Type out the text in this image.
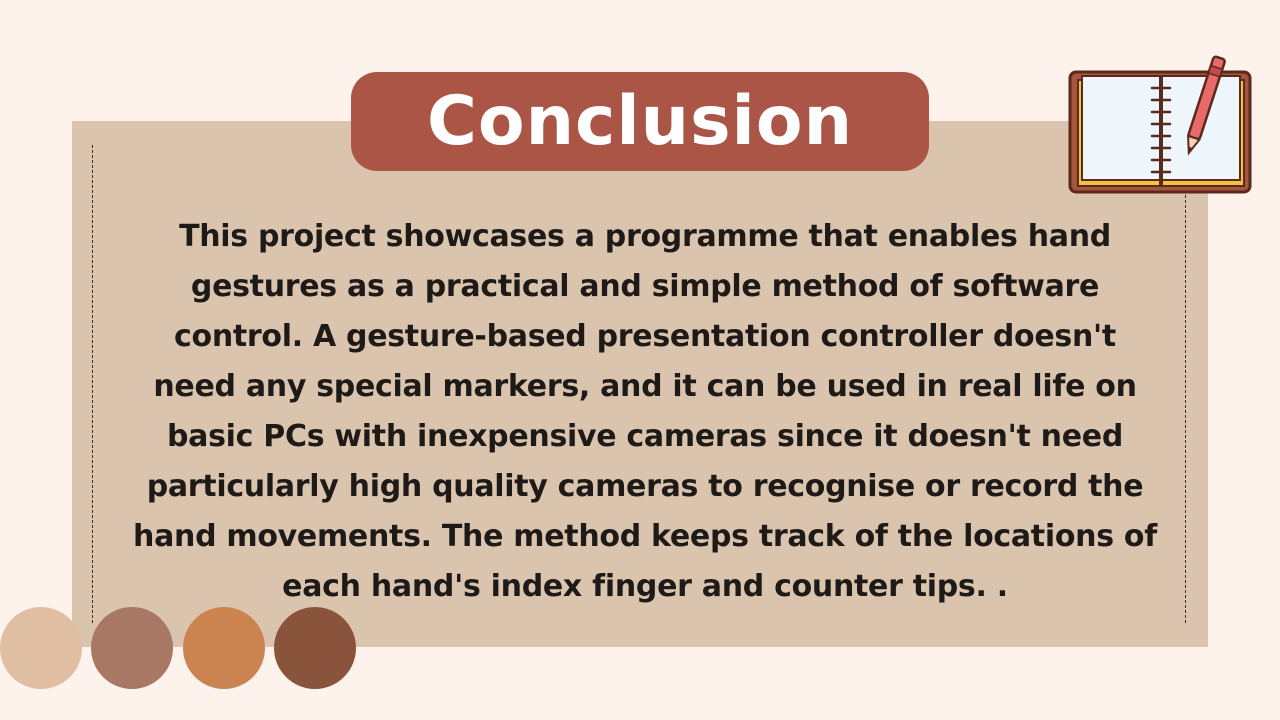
Conclusion

This project showcases a programme that enables hand gestures as a practical and simple method of software control. A gesture-based presentation controller doesn't need any special markers, and it can be used in real life on basic PCs with inexpensive cameras since it doesn't need particularly high quality cameras to recognise or record the hand movements. The method keeps track of the locations of each hand's index finger and counter tips. .
